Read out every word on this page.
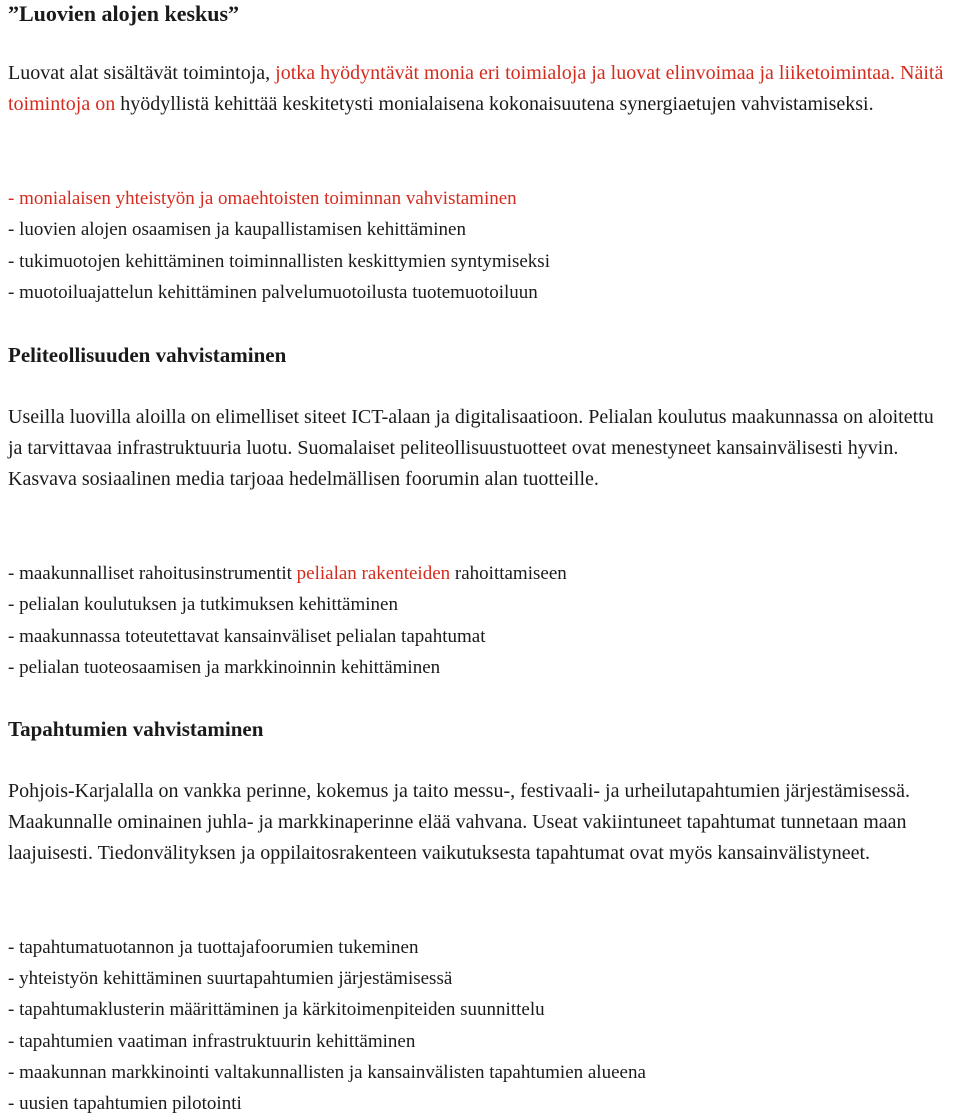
”Luovien alojen keskus”

Luovat alat sisältävät toimintoja, jotka hyödyntävät monia eri toimialoja ja luovat elinvoimaa ja liiketoimintaa. Näitä toimintoja on hyödyllistä kehittää keskitetysti monialaisena kokonaisuutena synergiaetujen vahvistamiseksi.

- monialaisen yhteistyön ja omaehtoisten toiminnan vahvistaminen
- luovien alojen osaamisen ja kaupallistamisen kehittäminen
- tukimuotojen kehittäminen toiminnallisten keskittymien syntymiseksi
- muotoiluajattelun kehittäminen palvelumuotoilusta tuotemuotoiluun
Peliteollisuuden vahvistaminen

Useilla luovilla aloilla on elimelliset siteet ICT-alaan ja digitalisaatioon. Pelialan koulutus maakunnassa on aloitettu ja tarvittavaa infrastruktuuria luotu. Suomalaiset peliteollisuustuotteet ovat menestyneet kansainvälisesti hyvin. Kasvava sosiaalinen media tarjoaa hedelmällisen foorumin alan tuotteille.

- maakunnalliset rahoitusinstrumentit pelialan rakenteiden rahoittamiseen
- pelialan koulutuksen ja tutkimuksen kehittäminen
- maakunnassa toteutettavat kansainväliset pelialan tapahtumat
- pelialan tuoteosaamisen ja markkinoinnin kehittäminen
Tapahtumien vahvistaminen

Pohjois-Karjalalla on vankka perinne, kokemus ja taito messu-, festivaali- ja urheilutapahtumien järjestämisessä. Maakunnalle ominainen juhla- ja markkinaperinne elää vahvana. Useat vakiintuneet tapahtumat tunnetaan maan laajuisesti. Tiedonvälityksen ja oppilaitosrakenteen vaikutuksesta tapahtumat ovat myös kansainvälistyneet.

- tapahtumatuotannon ja tuottajafoorumien tukeminen
- yhteistyön kehittäminen suurtapahtumien järjestämisessä
- tapahtumaklusterin määrittäminen ja kärkitoimenpiteiden suunnittelu
- tapahtumien vaatiman infrastruktuurin kehittäminen
- maakunnan markkinointi valtakunnallisten ja kansainvälisten tapahtumien alueena
- uusien tapahtumien pilotointi
